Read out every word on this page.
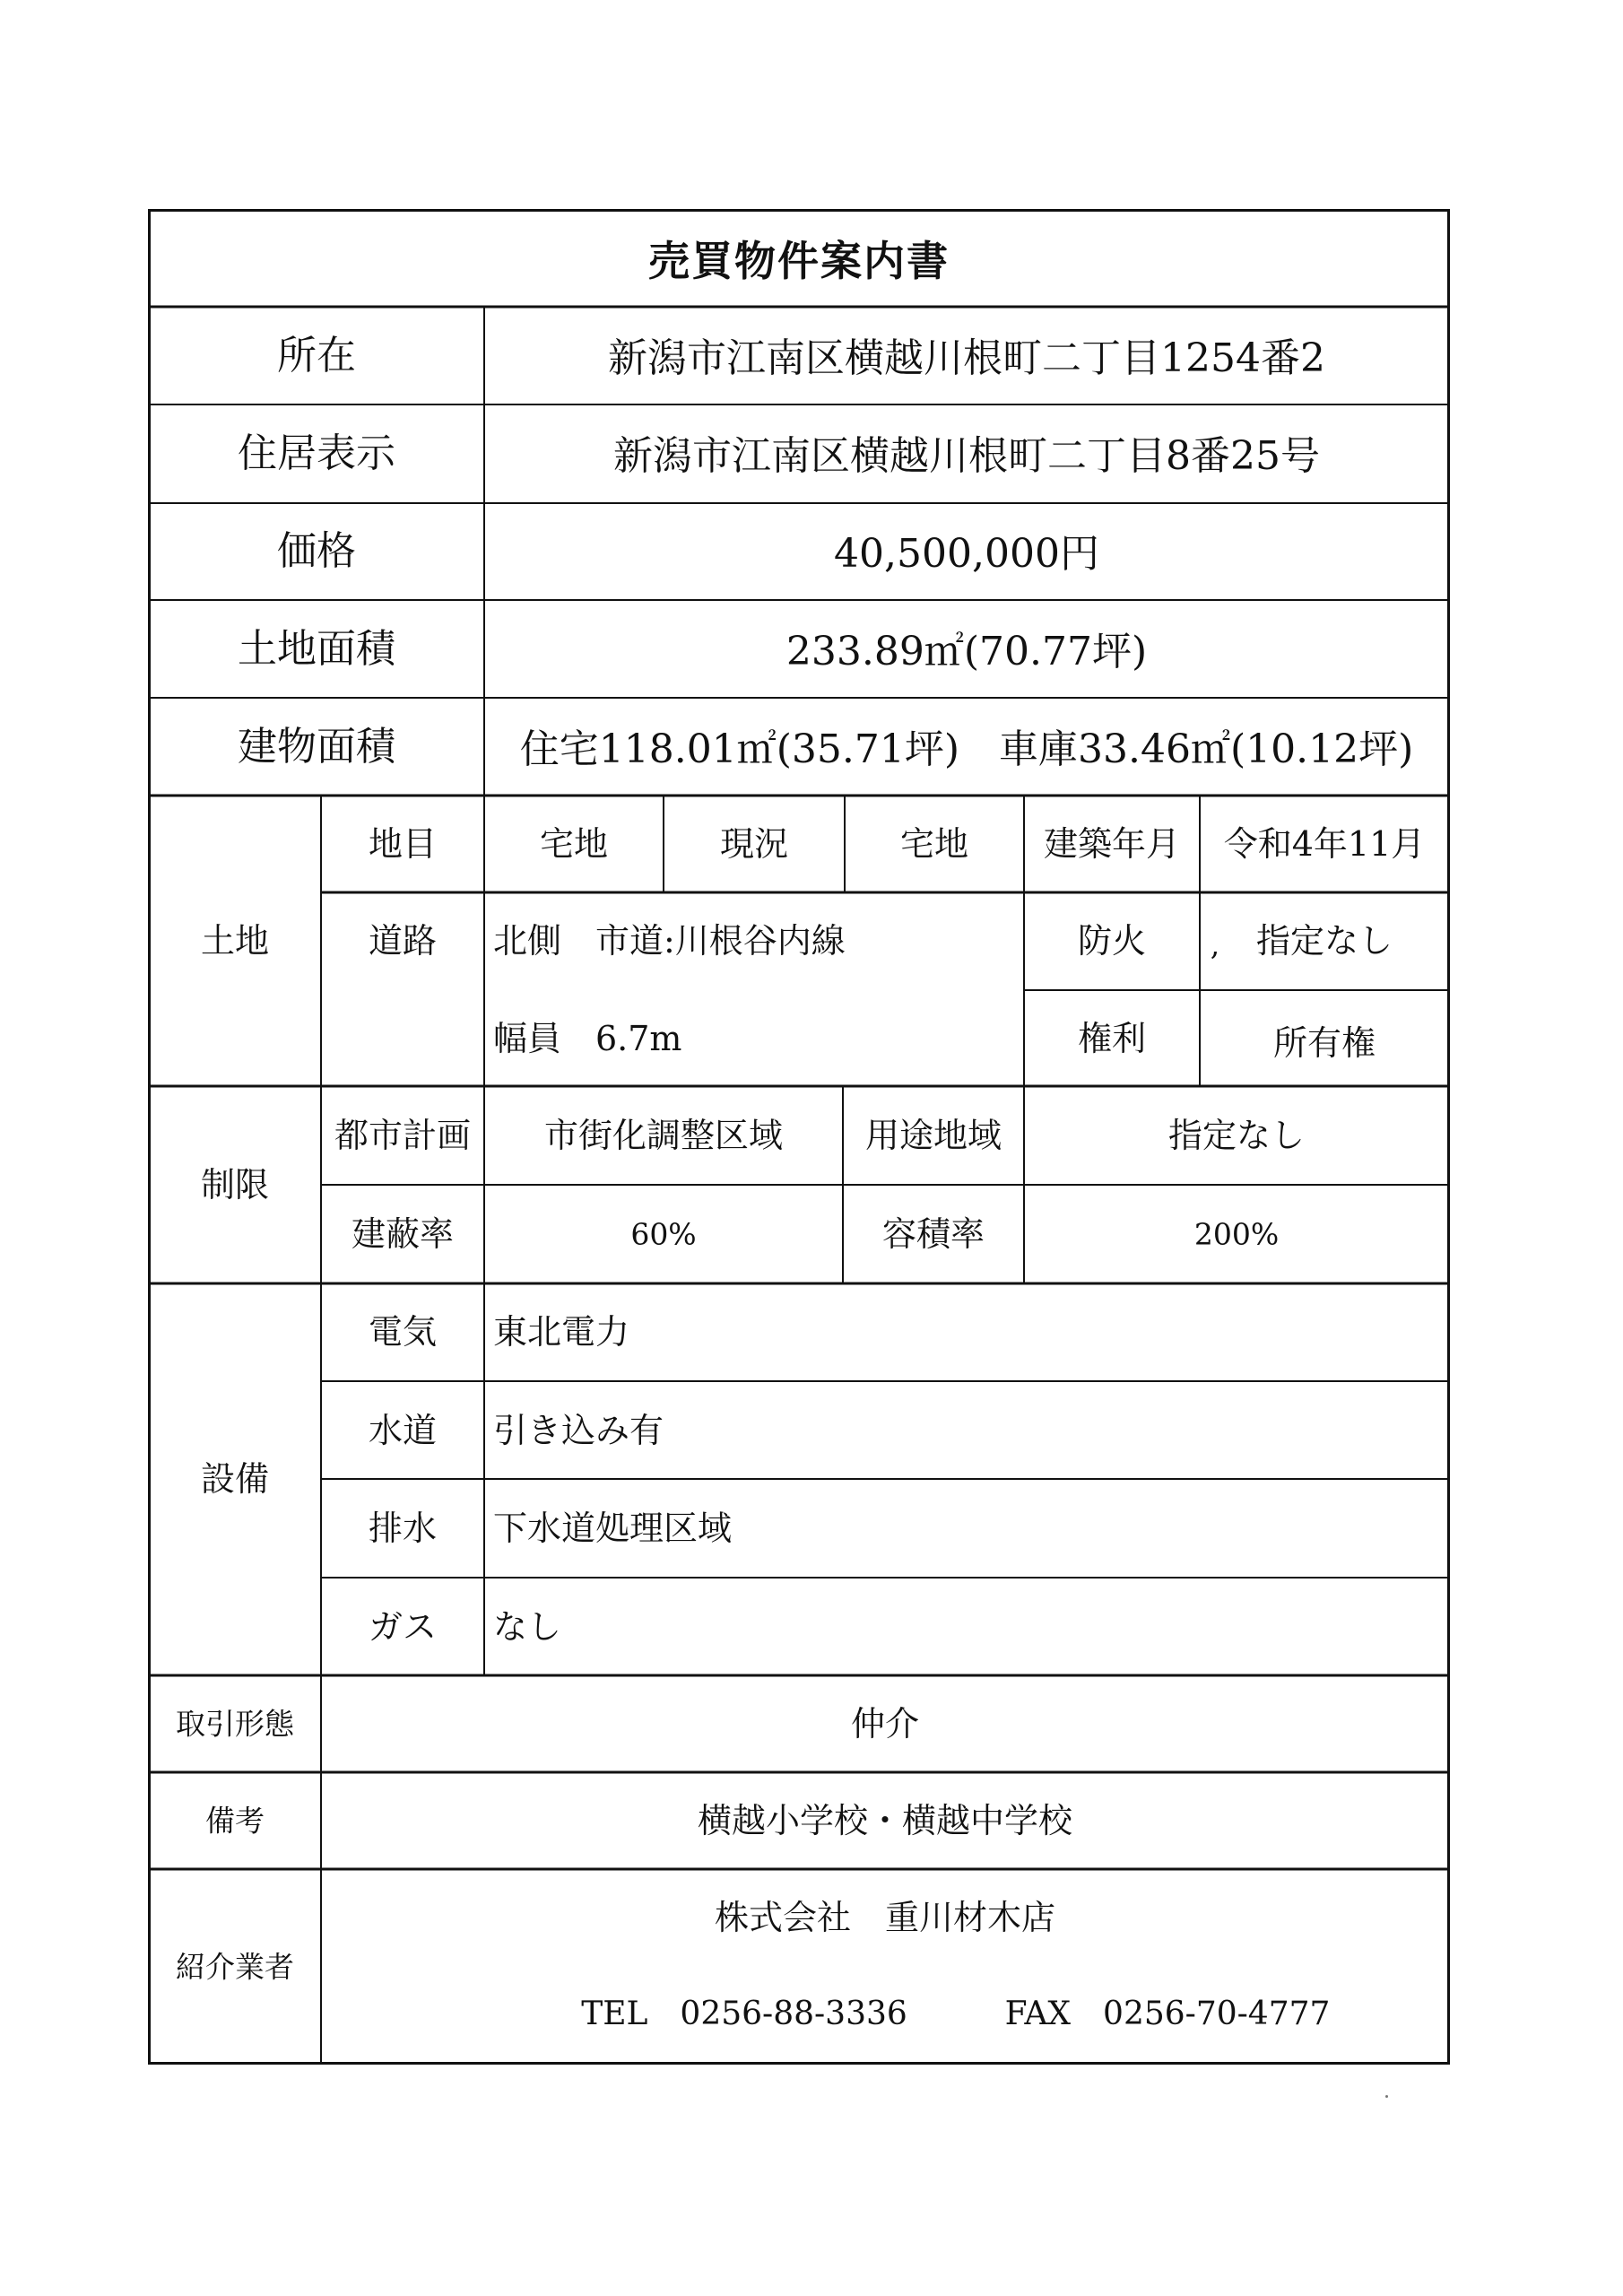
売買物件案内書
所在	新潟市江南区横越川根町二丁目1254番2
住居表示	新潟市江南区横越川根町二丁目8番25号
価格	40,500,000円
土地面積	233.89㎡(70.77坪)
建物面積	住宅118.01㎡(35.71坪)　車庫33.46㎡(10.12坪)
土地
地目	宅地	現況	宅地 建築年月 令和4年11月
道路 北側　市道:川根谷内線
幅員　6.7m
防火 , 指定なし
権利	所有権
制限
都市計画 市街化調整区域 用途地域	指定なし
建蔽率	60%	容積率	200%
設備
電気 東北電力
水道 引き込み有
排水 下水道処理区域
ガス なし
取引形態	仲介
備考	横越小学校・横越中学校
紹介業者
株式会社　重川材木店
TEL　0256-88-3336	FAX　0256-70-4777
